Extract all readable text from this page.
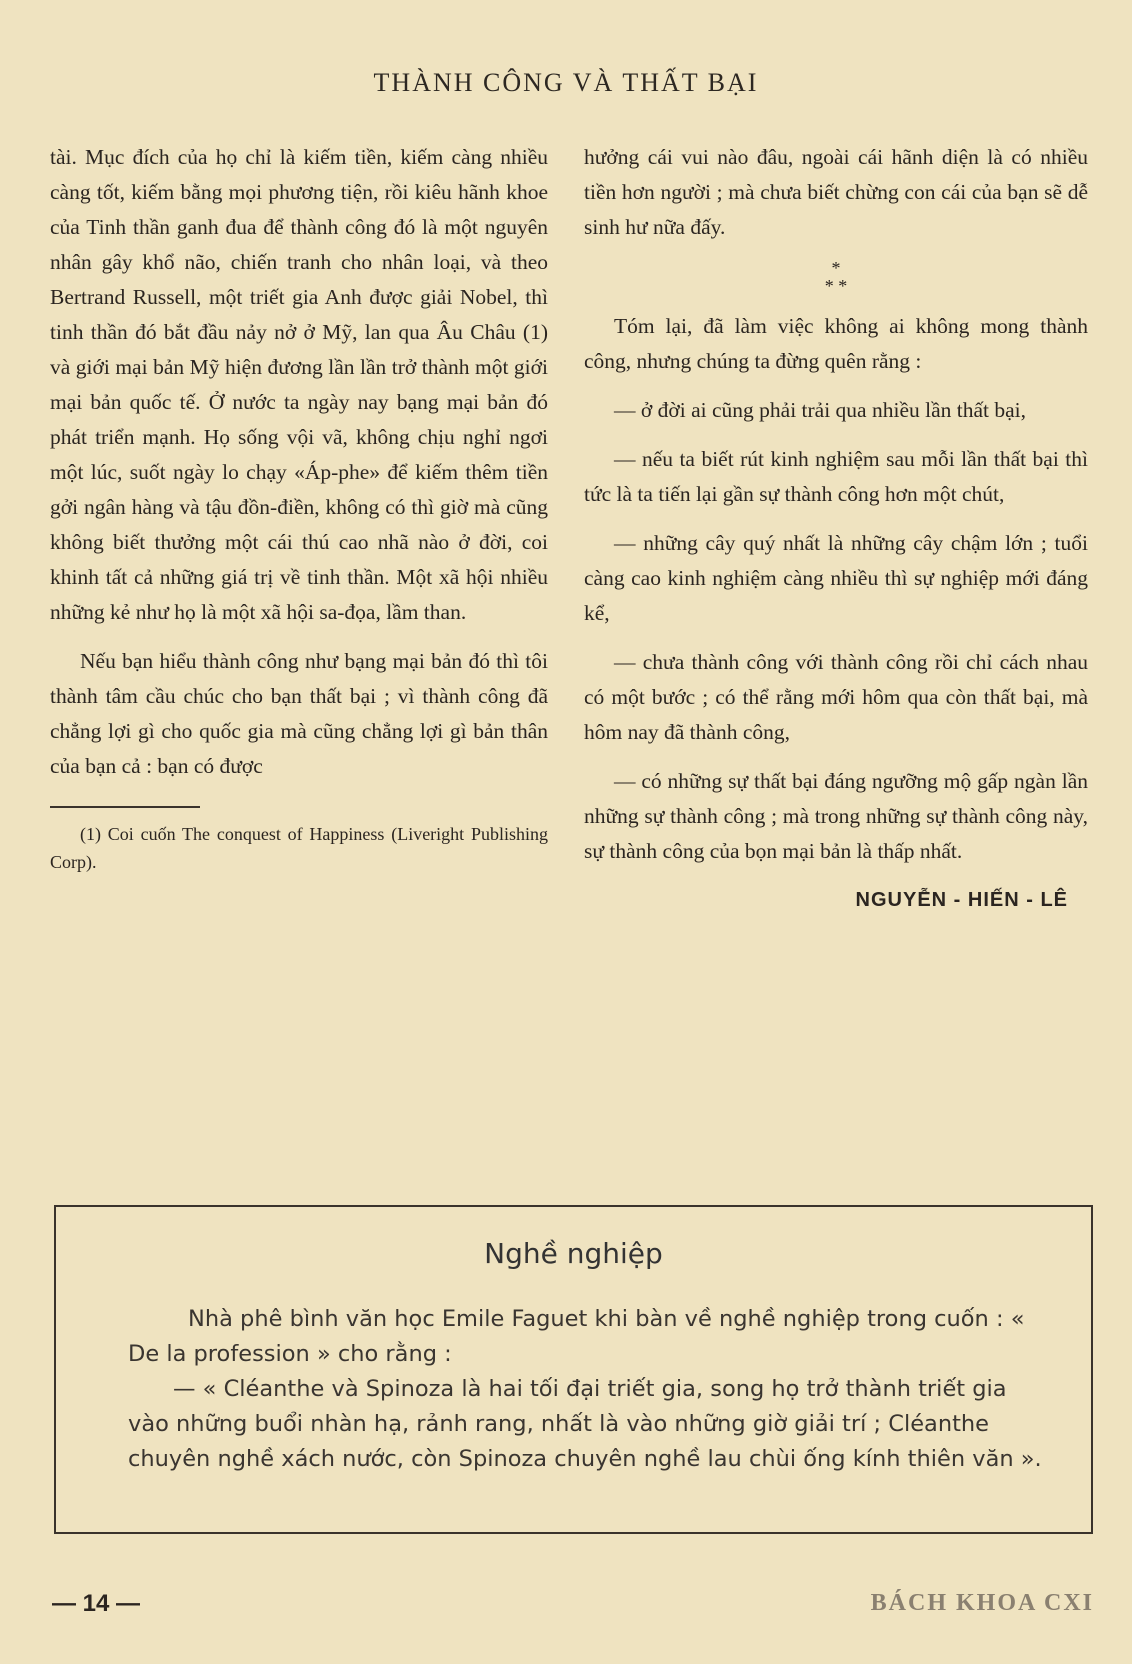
THÀNH CÔNG VÀ THẤT BẠI

tài. Mục đích của họ chỉ là kiếm tiền, kiếm càng nhiều càng tốt, kiếm bằng mọi phương tiện, rồi kiêu hãnh khoe của Tinh thần ganh đua để thành công đó là một nguyên nhân gây khổ não, chiến tranh cho nhân loại, và theo Bertrand Russell, một triết gia Anh được giải Nobel, thì tinh thần đó bắt đầu nảy nở ở Mỹ, lan qua Âu Châu (1) và giới mại bản Mỹ hiện đương lần lần trở thành một giới mại bản quốc tế. Ở nước ta ngày nay bạng mại bản đó phát triển mạnh. Họ sống vội vã, không chịu nghỉ ngơi một lúc, suốt ngày lo chạy «Áp-phe» để kiếm thêm tiền gởi ngân hàng và tậu đồn-điền, không có thì giờ mà cũng không biết thưởng một cái thú cao nhã nào ở đời, coi khinh tất cả những giá trị về tinh thần. Một xã hội nhiều những kẻ như họ là một xã hội sa-đọa, lầm than.

Nếu bạn hiểu thành công như bạng mại bản đó thì tôi thành tâm cầu chúc cho bạn thất bại ; vì thành công đã chẳng lợi gì cho quốc gia mà cũng chẳng lợi gì bản thân của bạn cả : bạn có được

(1) Coi cuốn The conquest of Happiness (Liveright Publishing Corp).

hưởng cái vui nào đâu, ngoài cái hãnh diện là có nhiều tiền hơn người ; mà chưa biết chừng con cái của bạn sẽ dễ sinh hư nữa đấy.

*
* *

Tóm lại, đã làm việc không ai không mong thành công, nhưng chúng ta đừng quên rằng :

— ở đời ai cũng phải trải qua nhiều lần thất bại,

— nếu ta biết rút kinh nghiệm sau mỗi lần thất bại thì tức là ta tiến lại gần sự thành công hơn một chút,

— những cây quý nhất là những cây chậm lớn ; tuổi càng cao kinh nghiệm càng nhiều thì sự nghiệp mới đáng kể,

— chưa thành công với thành công rồi chỉ cách nhau có một bước ; có thể rằng mới hôm qua còn thất bại, mà hôm nay đã thành công,

— có những sự thất bại đáng ngưỡng mộ gấp ngàn lần những sự thành công ; mà trong những sự thành công này, sự thành công của bọn mại bản là thấp nhất.

NGUYỄN - HIẾN - LÊ
Nghề nghiệp

Nhà phê bình văn học Emile Faguet khi bàn về nghề nghiệp trong cuốn : « De la profession » cho rằng :

— « Cléanthe và Spinoza là hai tối đại triết gia, song họ trở thành triết gia vào những buổi nhàn hạ, rảnh rang, nhất là vào những giờ giải trí ; Cléanthe chuyên nghề xách nước, còn Spinoza chuyên nghề lau chùi ống kính thiên văn ».

— 14 —	BÁCH KHOA CXI
